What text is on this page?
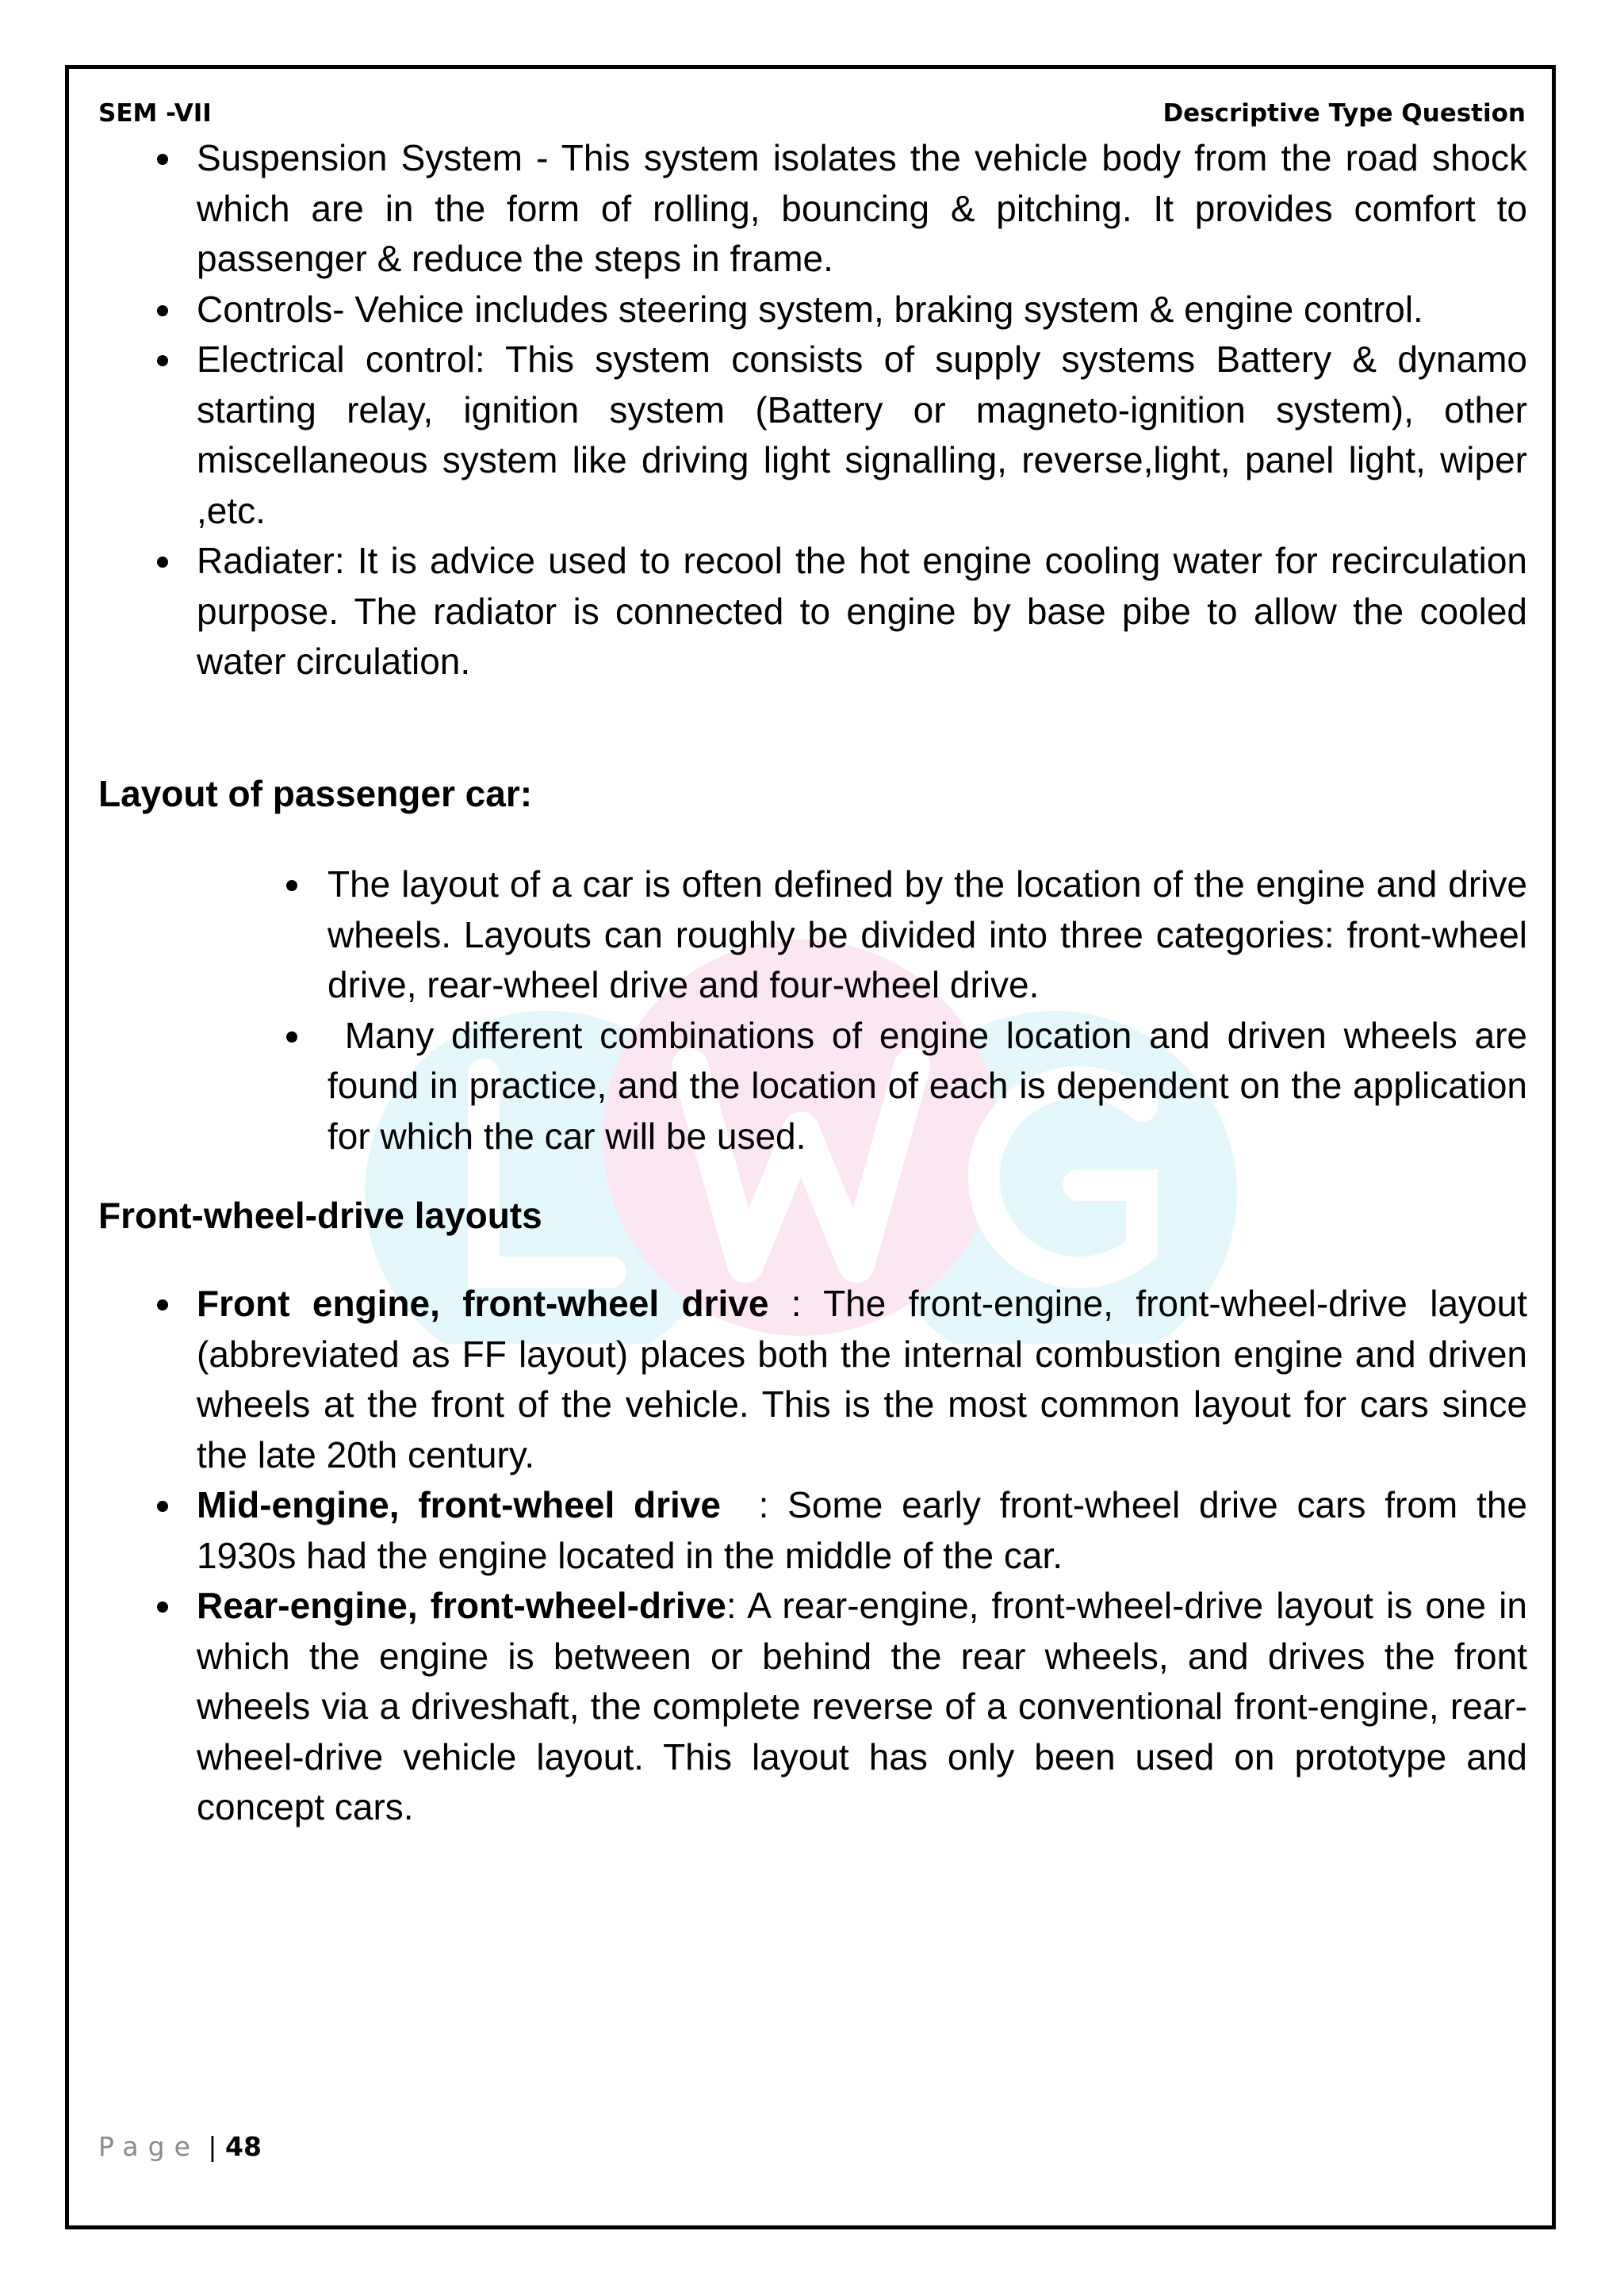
SEM -VII	Descriptive Type Question
Suspension System - This system isolates the vehicle body from the road shock which are in the form of rolling, bouncing & pitching. It provides comfort to passenger & reduce the steps in frame.
Controls- Vehice includes steering system, braking system & engine control.
Electrical control: This system consists of supply systems Battery & dynamo starting relay, ignition system (Battery or magneto-ignition system), other miscellaneous system like driving light signalling, reverse,light, panel light, wiper ,etc.
Radiater: It is advice used to recool the hot engine cooling water for recirculation purpose. The radiator is connected to engine by base pibe to allow the cooled water circulation.
Layout of passenger car:
The layout of a car is often defined by the location of the engine and drive wheels. Layouts can roughly be divided into three categories: front-wheel drive, rear-wheel drive and four-wheel drive.
Many different combinations of engine location and driven wheels are found in practice, and the location of each is dependent on the application for which the car will be used.
Front-wheel-drive layouts
Front engine, front-wheel drive : The front-engine, front-wheel-drive layout (abbreviated as FF layout) places both the internal combustion engine and driven wheels at the front of the vehicle. This is the most common layout for cars since the late 20th century.
Mid-engine, front-wheel drive  : Some early front-wheel drive cars from the 1930s had the engine located in the middle of the car.
Rear-engine, front-wheel-drive: A rear-engine, front-wheel-drive layout is one in which the engine is between or behind the rear wheels, and drives the front wheels via a driveshaft, the complete reverse of a conventional front-engine, rear-wheel-drive vehicle layout. This layout has only been used on prototype and concept cars.
Page | 48
